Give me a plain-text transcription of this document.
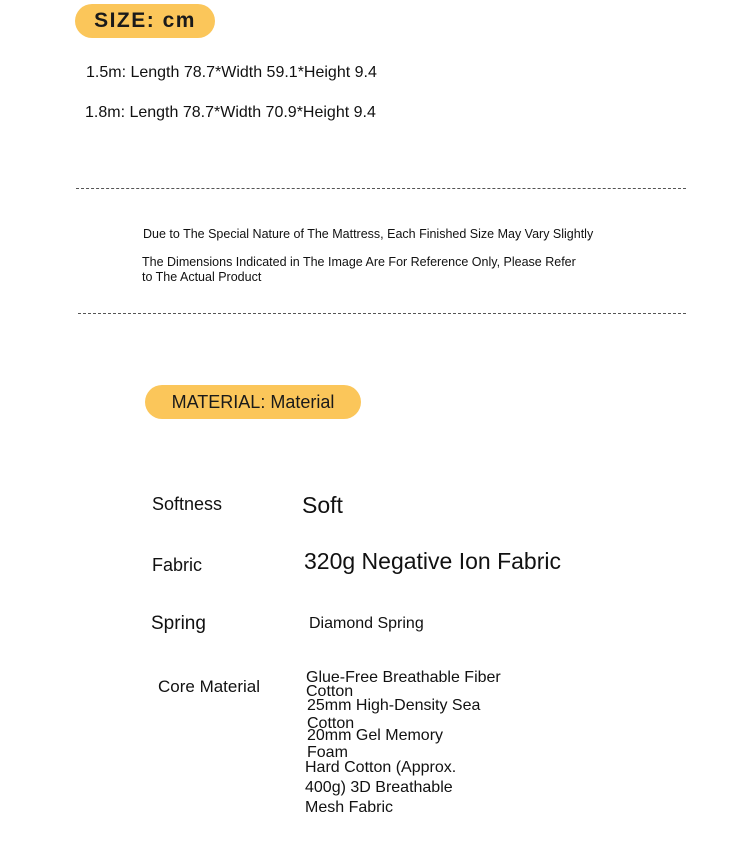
SIZE: cm
1.5m: Length 78.7*Width 59.1*Height 9.4
1.8m: Length 78.7*Width 70.9*Height 9.4
Due to The Special Nature of The Mattress, Each Finished Size May Vary Slightly
The Dimensions Indicated in The Image Are For Reference Only, Please Refer
to The Actual Product
MATERIAL: Material
Softness	Soft
Fabric	320g Negative Ion Fabric
Spring	Diamond Spring
Core Material	Glue-Free Breathable Fiber
Cotton
25mm High-Density Sea
Cotton
20mm Gel Memory
Foam
Hard Cotton (Approx.
400g) 3D Breathable
Mesh Fabric
